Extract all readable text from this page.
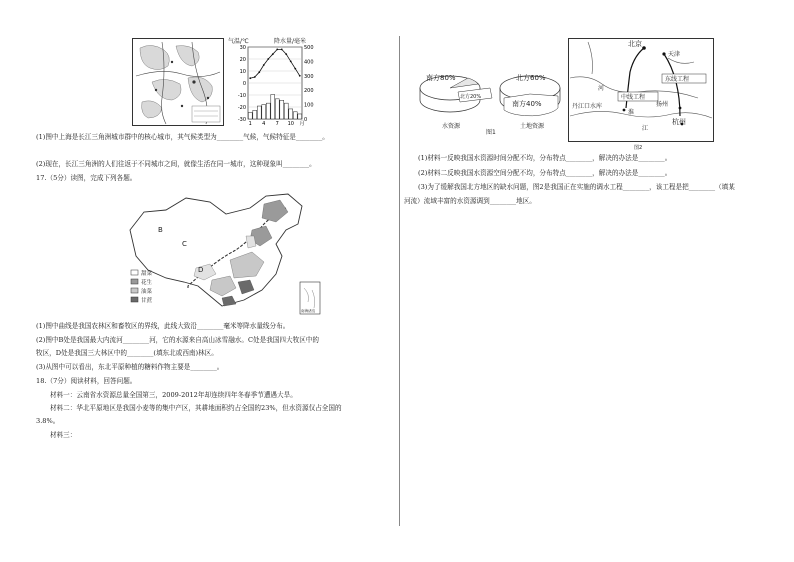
气温/℃	降水量/毫米
30
20
10
0
-10
-20
-30
500
400
300
200
100
0
1 4 7 10 月
(1)图中上海是长江三角洲城市群中的核心城市，其气候类型为________气候，气候特征是________。
(2)现在，长江三角洲的人们往返于不同城市之间，就像生活在同一城市，这种现象叫________。
17.（5分）读图，完成下列各题。
B
C
D
甜菜
花生
油菜
甘蔗
南海诸岛
(1)图中曲线是我国农林区和畜牧区的界线，此线大致沿________毫米等降水量线分布。
(2)图中B处是我国最大内流河________河，它的水源来自高山冰雪融水。C处是我国四大牧区中的
牧区，D处是我国三大林区中的________(填东北或西南)林区。
(3)从图中可以看出，东北平原种植的糖料作物主要是________。
18.（7分）阅读材料，回答问题。
材料一：云南省水资源总量全国第三，2009-2012年却连续四年冬春季节遭遇大旱。
材料二：华北平原地区是我国小麦等的集中产区，其耕地面积约占全国的23%，但水资源仅占全国的
3.8%。
材料三：
南方80%
北方20%
水资源
北方60%
南方40%
土地资源
图1
北京
天津
东线工程
中线工程
丹江口水库	扬州
杭州
淮
河
江
图2
(1)材料一反映我国水资源时间分配不均，分布特点________，解决的办法是________。
(2)材料二反映我国水资源空间分配不均，分布特点________，解决的办法是________。
(3)为了缓解我国北方地区的缺水问题，图2是我国正在实施的调水工程________，该工程是把________（填某
河流）流域丰富的水资源调到________地区。
